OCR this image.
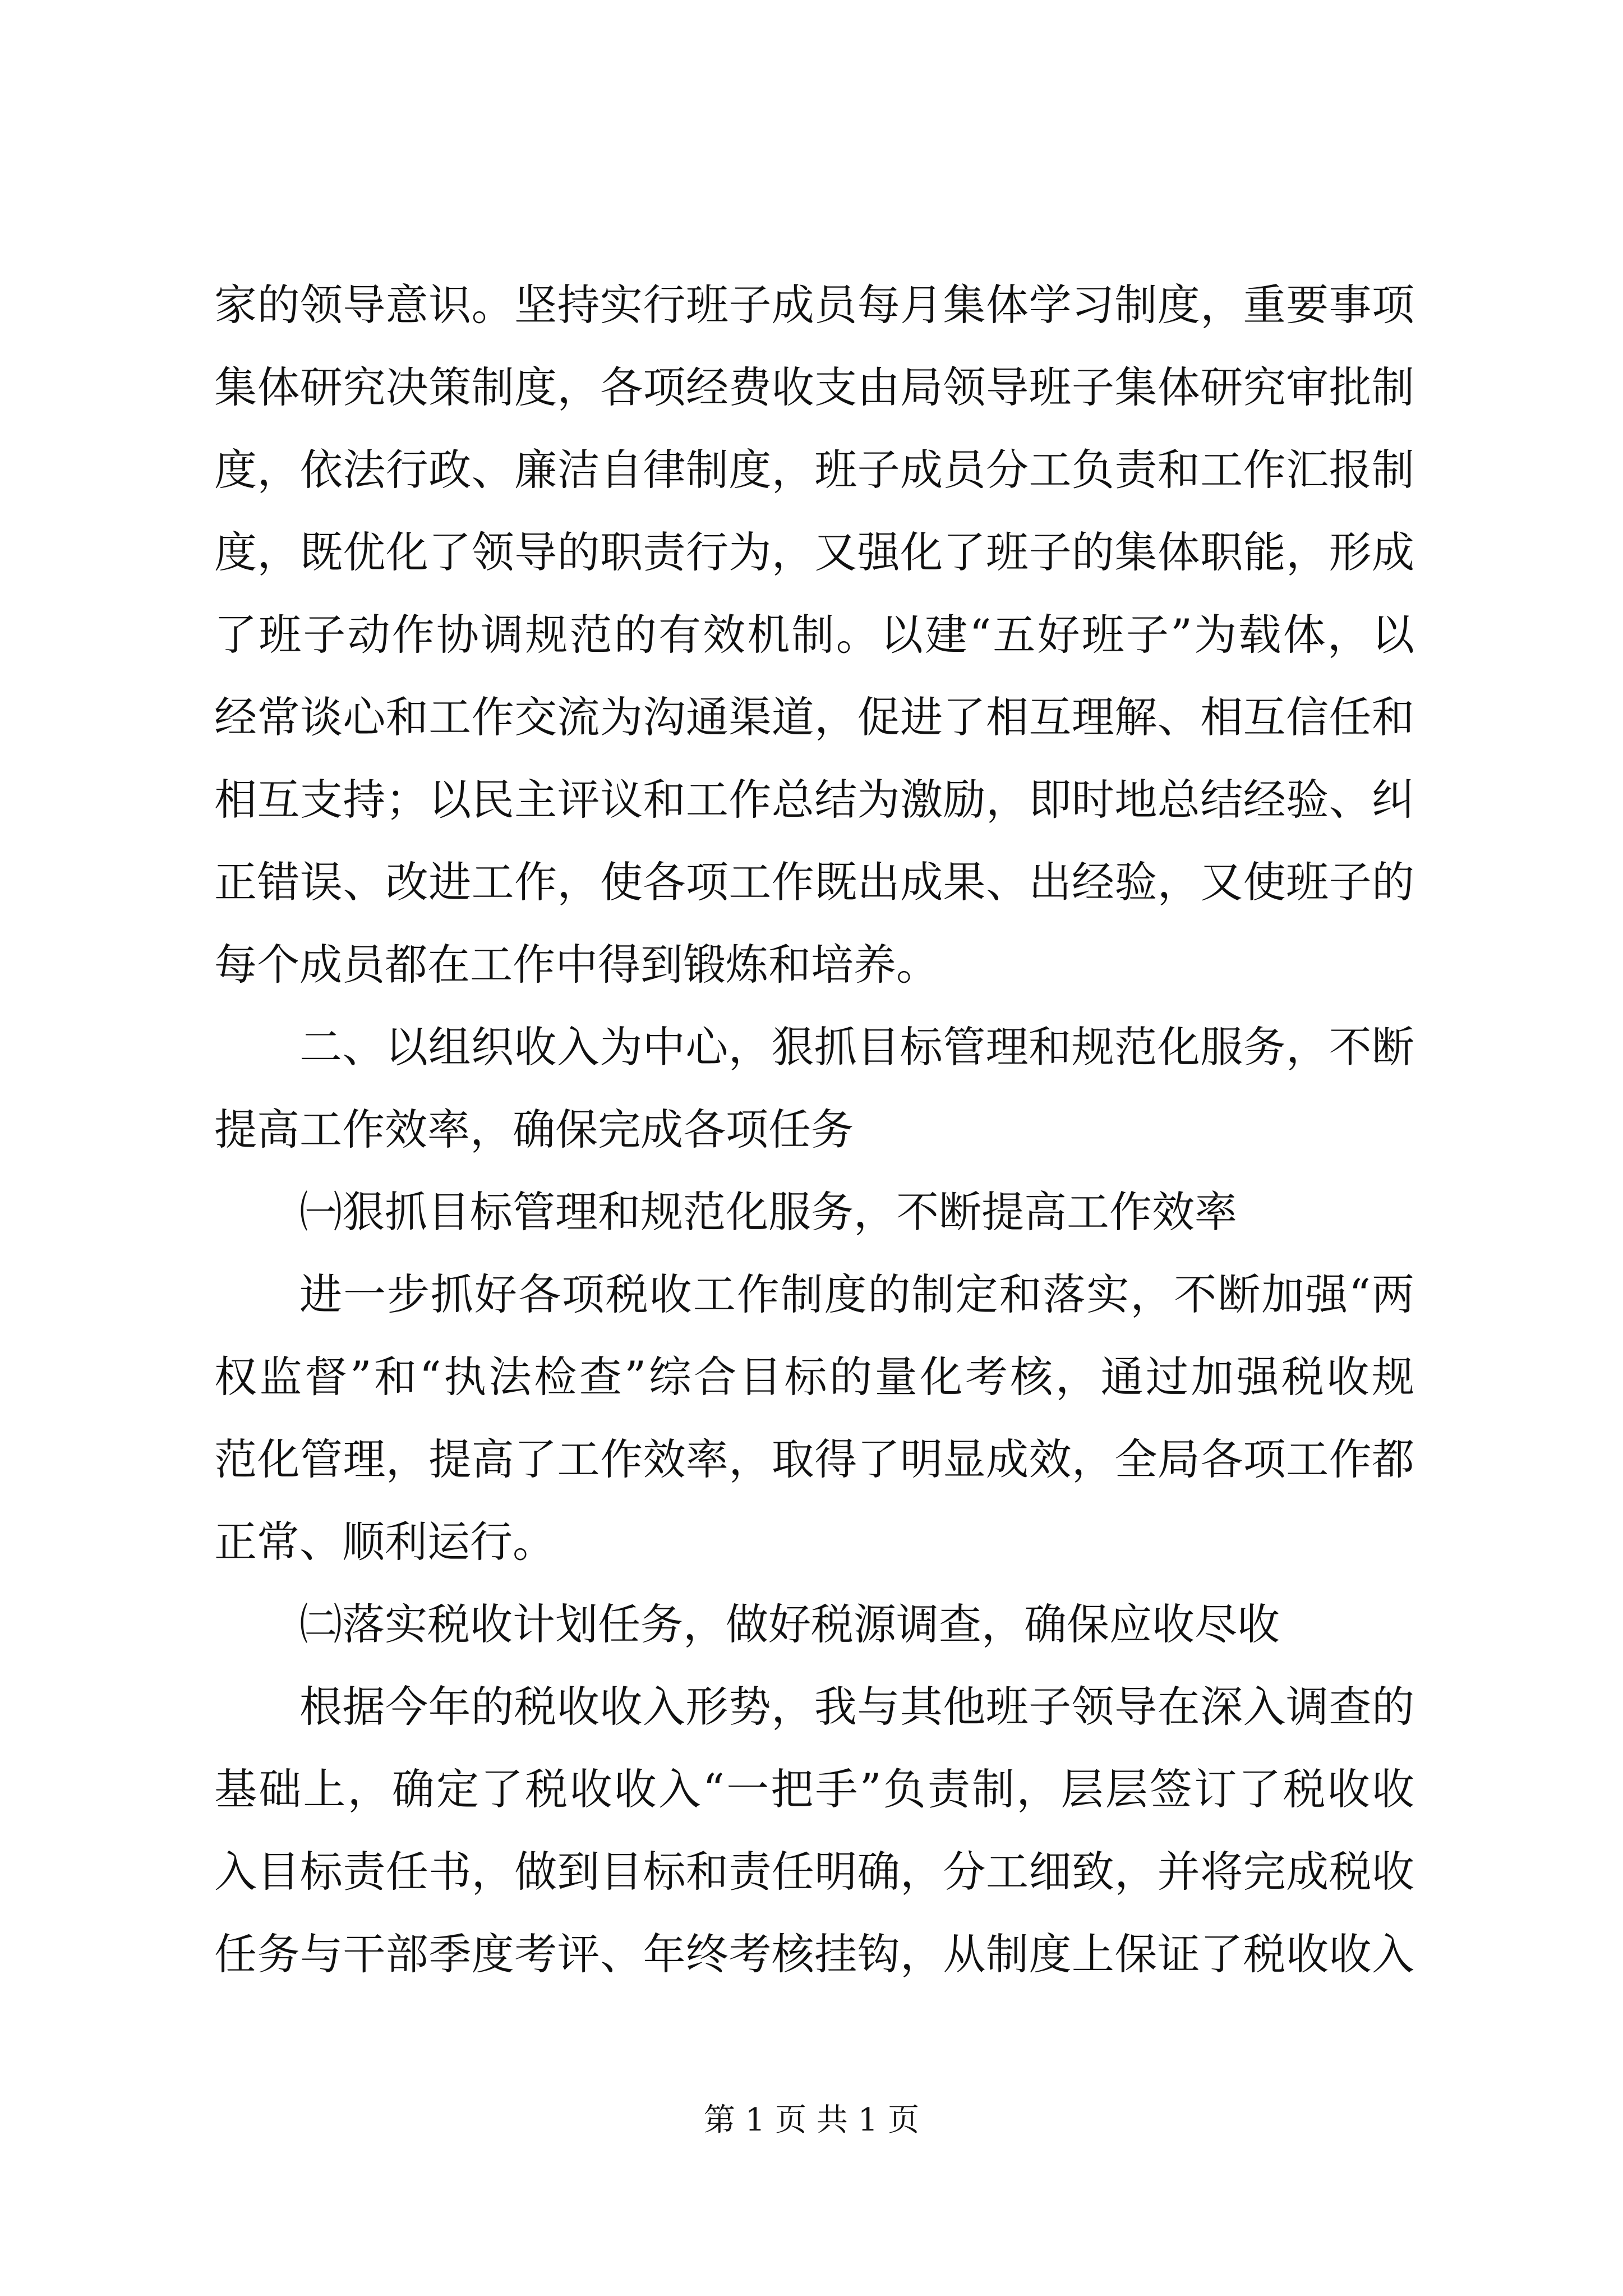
家的领导意识。坚持实行班子成员每月集体学习制度，重要事项
集体研究决策制度，各项经费收支由局领导班子集体研究审批制
度，依法行政、廉洁自律制度，班子成员分工负责和工作汇报制
度，既优化了领导的职责行为，又强化了班子的集体职能，形成
了班子动作协调规范的有效机制。以建“五好班子”为载体，以
经常谈心和工作交流为沟通渠道，促进了相互理解、相互信任和
相互支持；以民主评议和工作总结为激励，即时地总结经验、纠
正错误、改进工作，使各项工作既出成果、出经验，又使班子的
每个成员都在工作中得到锻炼和培养。
二、以组织收入为中心，狠抓目标管理和规范化服务，不断
提高工作效率，确保完成各项任务
㈠狠抓目标管理和规范化服务，不断提高工作效率
进一步抓好各项税收工作制度的制定和落实，不断加强“两
权监督”和“执法检查”综合目标的量化考核，通过加强税收规
范化管理，提高了工作效率，取得了明显成效，全局各项工作都
正常、顺利运行。
㈡落实税收计划任务，做好税源调查，确保应收尽收
根据今年的税收收入形势，我与其他班子领导在深入调查的
基础上，确定了税收收入“一把手”负责制，层层签订了税收收
入目标责任书，做到目标和责任明确，分工细致，并将完成税收
任务与干部季度考评、年终考核挂钩，从制度上保证了税收收入
第 1 页 共 1 页
